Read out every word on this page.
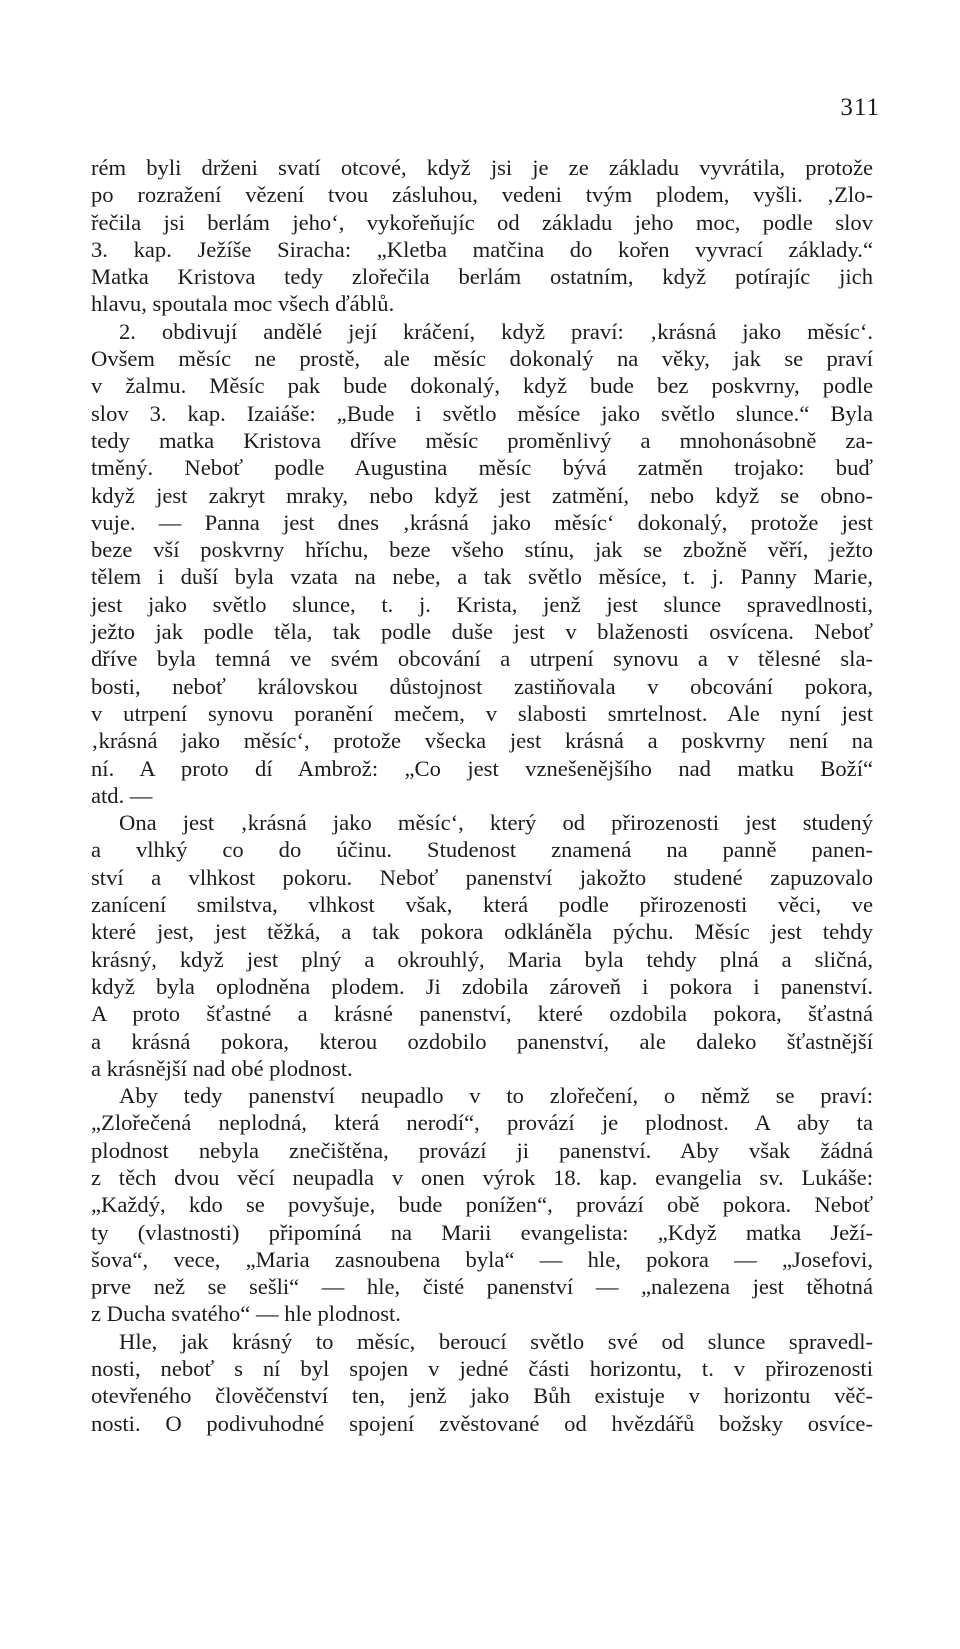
311
rém byli drženi svatí otcové, když jsi je ze základu vyvrátila, protože
po rozražení vězení tvou zásluhou, vedeni tvým plodem, vyšli. ‚Zlo-
řečila jsi berlám jeho‘, vykořeňujíc od základu jeho moc, podle slov
3. kap. Ježíše Siracha: „Kletba matčina do kořen vyvrací základy.“
Matka Kristova tedy zlořečila berlám ostatním, když potírajíc jich
hlavu, spoutala moc všech ďáblů.
2. obdivují andělé její kráčení, když praví: ‚krásná jako měsíc‘.
Ovšem měsíc ne prostě, ale měsíc dokonalý na věky, jak se praví
v žalmu. Měsíc pak bude dokonalý, když bude bez poskvrny, podle
slov 3. kap. Izaiáše: „Bude i světlo měsíce jako světlo slunce.“ Byla
tedy matka Kristova dříve měsíc proměnlivý a mnohonásobně za-
tměný. Neboť podle Augustina měsíc bývá zatměn trojako: buď
když jest zakryt mraky, nebo když jest zatmění, nebo když se obno-
vuje. — Panna jest dnes ‚krásná jako měsíc‘ dokonalý, protože jest
beze vší poskvrny hříchu, beze všeho stínu, jak se zbožně věří, ježto
tělem i duší byla vzata na nebe, a tak světlo měsíce, t. j. Panny Marie,
jest jako světlo slunce, t. j. Krista, jenž jest slunce spravedlnosti,
ježto jak podle těla, tak podle duše jest v blaženosti osvícena. Neboť
dříve byla temná ve svém obcování a utrpení synovu a v tělesné sla-
bosti, neboť královskou důstojnost zastiňovala v obcování pokora,
v utrpení synovu poranění mečem, v slabosti smrtelnost. Ale nyní jest
‚krásná jako měsíc‘, protože všecka jest krásná a poskvrny není na
ní. A proto dí Ambrož: „Co jest vznešenějšího nad matku Boží“
atd. —
Ona jest ‚krásná jako měsíc‘, který od přirozenosti jest studený
a vlhký co do účinu. Studenost znamená na panně panen-
ství a vlhkost pokoru. Neboť panenství jakožto studené zapuzovalo
zanícení smilstva, vlhkost však, která podle přirozenosti věci, ve
které jest, jest těžká, a tak pokora odkláněla pýchu. Měsíc jest tehdy
krásný, když jest plný a okrouhlý, Maria byla tehdy plná a sličná,
když byla oplodněna plodem. Ji zdobila zároveň i pokora i panenství.
A proto šťastné a krásné panenství, které ozdobila pokora, šťastná
a krásná pokora, kterou ozdobilo panenství, ale daleko šťastnější
a krásnější nad obé plodnost.
Aby tedy panenství neupadlo v to zlořečení, o němž se praví:
„Zlořečená neplodná, která nerodí“, provází je plodnost. A aby ta
plodnost nebyla znečištěna, provází ji panenství. Aby však žádná
z těch dvou věcí neupadla v onen výrok 18. kap. evangelia sv. Lukáše:
„Každý, kdo se povyšuje, bude ponížen“, provází obě pokora. Neboť
ty (vlastnosti) připomíná na Marii evangelista: „Když matka Ježí-
šova“, vece, „Maria zasnoubena byla“ — hle, pokora — „Josefovi,
prve než se sešli“ — hle, čisté panenství — „nalezena jest těhotná
z Ducha svatého“ — hle plodnost.
Hle, jak krásný to měsíc, beroucí světlo své od slunce spravedl-
nosti, neboť s ní byl spojen v jedné části horizontu, t. v přirozenosti
otevřeného člověčenství ten, jenž jako Bůh existuje v horizontu věč-
nosti. O podivuhodné spojení zvěstované od hvězdářů božsky osvíce-
